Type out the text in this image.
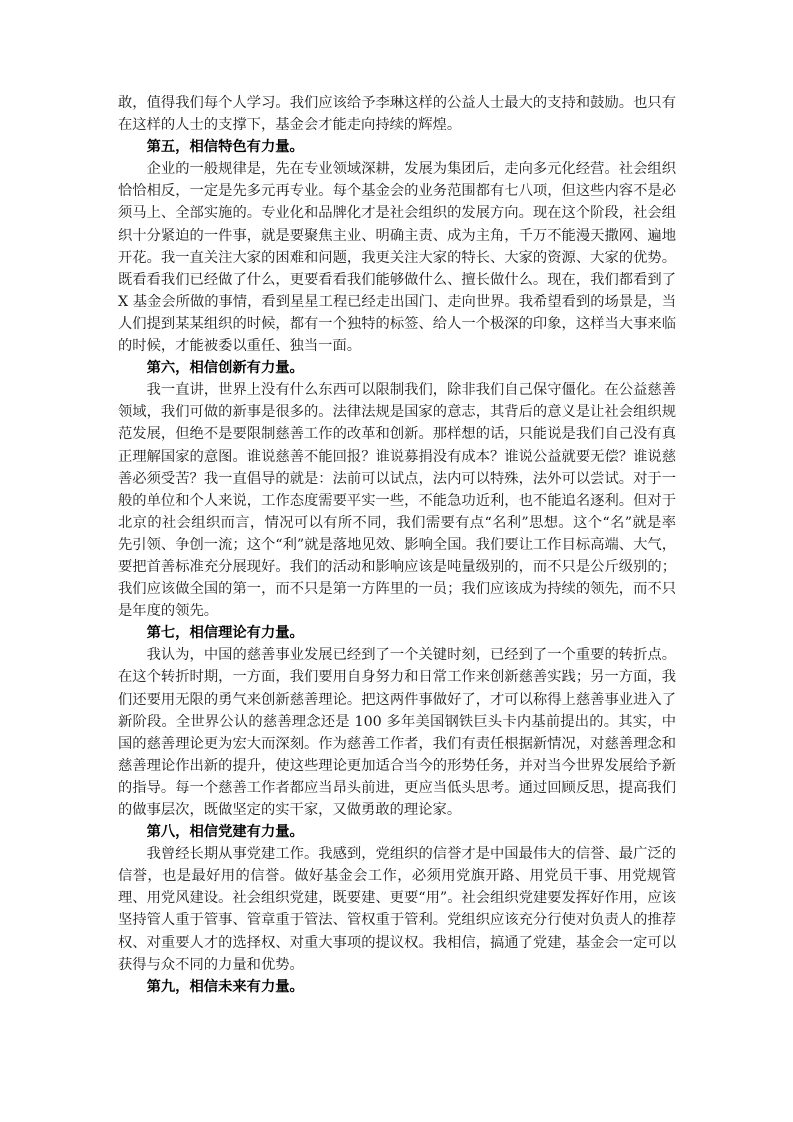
敢，值得我们每个人学习。我们应该给予李琳这样的公益人士最大的支持和鼓励。也只有在这样的人士的支撑下，基金会才能走向持续的辉煌。

第五，相信特色有力量。

企业的一般规律是，先在专业领域深耕，发展为集团后，走向多元化经营。社会组织恰恰相反，一定是先多元再专业。每个基金会的业务范围都有七八项，但这些内容不是必须马上、全部实施的。专业化和品牌化才是社会组织的发展方向。现在这个阶段，社会组织十分紧迫的一件事，就是要聚焦主业、明确主责、成为主角，千万不能漫天撒网、遍地开花。我一直关注大家的困难和问题，我更关注大家的特长、大家的资源、大家的优势。既看看我们已经做了什么，更要看看我们能够做什么、擅长做什么。现在，我们都看到了 X 基金会所做的事情，看到星星工程已经走出国门、走向世界。我希望看到的场景是，当人们提到某某组织的时候，都有一个独特的标签、给人一个极深的印象，这样当大事来临的时候，才能被委以重任、独当一面。

第六，相信创新有力量。

我一直讲，世界上没有什么东西可以限制我们，除非我们自己保守僵化。在公益慈善领域，我们可做的新事是很多的。法律法规是国家的意志，其背后的意义是让社会组织规范发展，但绝不是要限制慈善工作的改革和创新。那样想的话，只能说是我们自己没有真正理解国家的意图。谁说慈善不能回报？谁说募捐没有成本？谁说公益就要无偿？谁说慈善必须受苦？我一直倡导的就是：法前可以试点，法内可以特殊，法外可以尝试。对于一般的单位和个人来说，工作态度需要平实一些，不能急功近利，也不能追名逐利。但对于北京的社会组织而言，情况可以有所不同，我们需要有点“名利”思想。这个“名”就是率先引领、争创一流；这个“利”就是落地见效、影响全国。我们要让工作目标高端、大气，要把首善标准充分展现好。我们的活动和影响应该是吨量级别的，而不只是公斤级别的；我们应该做全国的第一，而不只是第一方阵里的一员；我们应该成为持续的领先，而不只是年度的领先。

第七，相信理论有力量。

我认为，中国的慈善事业发展已经到了一个关键时刻，已经到了一个重要的转折点。在这个转折时期，一方面，我们要用自身努力和日常工作来创新慈善实践；另一方面，我们还要用无限的勇气来创新慈善理论。把这两件事做好了，才可以称得上慈善事业进入了新阶段。全世界公认的慈善理念还是 100 多年美国钢铁巨头卡内基前提出的。其实，中国的慈善理论更为宏大而深刻。作为慈善工作者，我们有责任根据新情况，对慈善理念和慈善理论作出新的提升，使这些理论更加适合当今的形势任务，并对当今世界发展给予新的指导。每一个慈善工作者都应当昂头前进，更应当低头思考。通过回顾反思，提高我们的做事层次，既做坚定的实干家，又做勇敢的理论家。

第八，相信党建有力量。

我曾经长期从事党建工作。我感到，党组织的信誉才是中国最伟大的信誉、最广泛的信誉，也是最好用的信誉。做好基金会工作，必须用党旗开路、用党员干事、用党规管理、用党风建设。社会组织党建，既要建、更要“用”。社会组织党建要发挥好作用，应该坚持管人重于管事、管章重于管法、管权重于管利。党组织应该充分行使对负责人的推荐权、对重要人才的选择权、对重大事项的提议权。我相信，搞通了党建，基金会一定可以获得与众不同的力量和优势。

第九，相信未来有力量。
